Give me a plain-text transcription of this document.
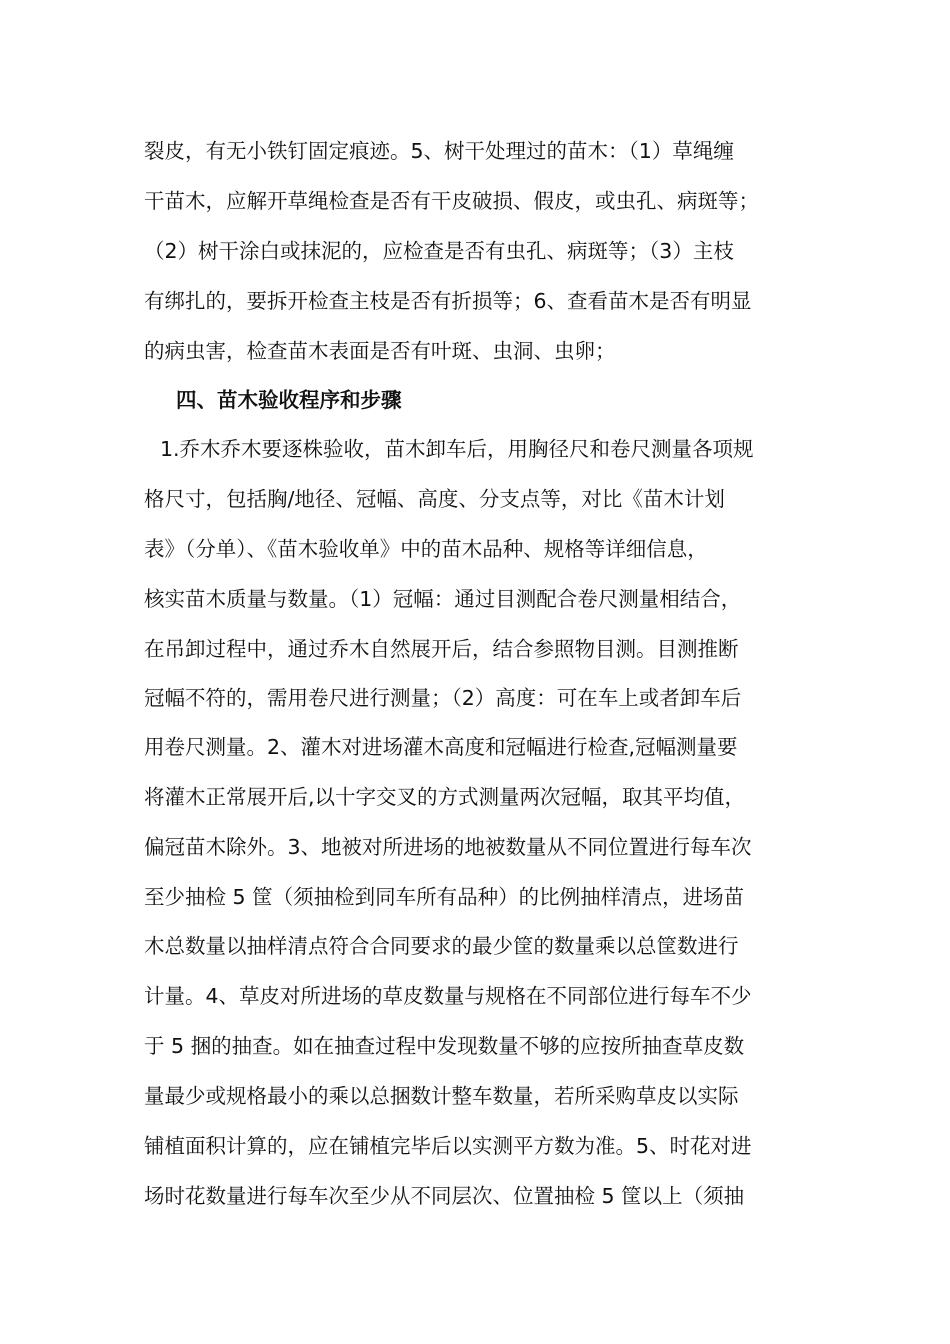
裂皮，有无小铁钉固定痕迹。5、树干处理过的苗木：（1）草绳缠
干苗木，应解开草绳检查是否有干皮破损、假皮，或虫孔、病斑等；
（2）树干涂白或抹泥的，应检查是否有虫孔、病斑等；（3）主枝
有绑扎的，要拆开检查主枝是否有折损等；6、查看苗木是否有明显
的病虫害，检查苗木表面是否有叶斑、虫洞、虫卵；
四、苗木验收程序和步骤
1.乔木乔木要逐株验收，苗木卸车后，用胸径尺和卷尺测量各项规
格尺寸，包括胸/地径、冠幅、高度、分支点等，对比《苗木计划
表》（分单）、《苗木验收单》中的苗木品种、规格等详细信息，
核实苗木质量与数量。（1）冠幅：通过目测配合卷尺测量相结合，
在吊卸过程中，通过乔木自然展开后，结合参照物目测。目测推断
冠幅不符的，需用卷尺进行测量；（2）高度：可在车上或者卸车后
用卷尺测量。2、灌木对进场灌木高度和冠幅进行检查,冠幅测量要
将灌木正常展开后,以十字交叉的方式测量两次冠幅，取其平均值，
偏冠苗木除外。3、地被对所进场的地被数量从不同位置进行每车次
至少抽检 5 筐（须抽检到同车所有品种）的比例抽样清点，进场苗
木总数量以抽样清点符合合同要求的最少筐的数量乘以总筐数进行
计量。4、草皮对所进场的草皮数量与规格在不同部位进行每车不少
于 5 捆的抽查。如在抽查过程中发现数量不够的应按所抽查草皮数
量最少或规格最小的乘以总捆数计整车数量，若所采购草皮以实际
铺植面积计算的，应在铺植完毕后以实测平方数为准。5、时花对进
场时花数量进行每车次至少从不同层次、位置抽检 5 筐以上（须抽
